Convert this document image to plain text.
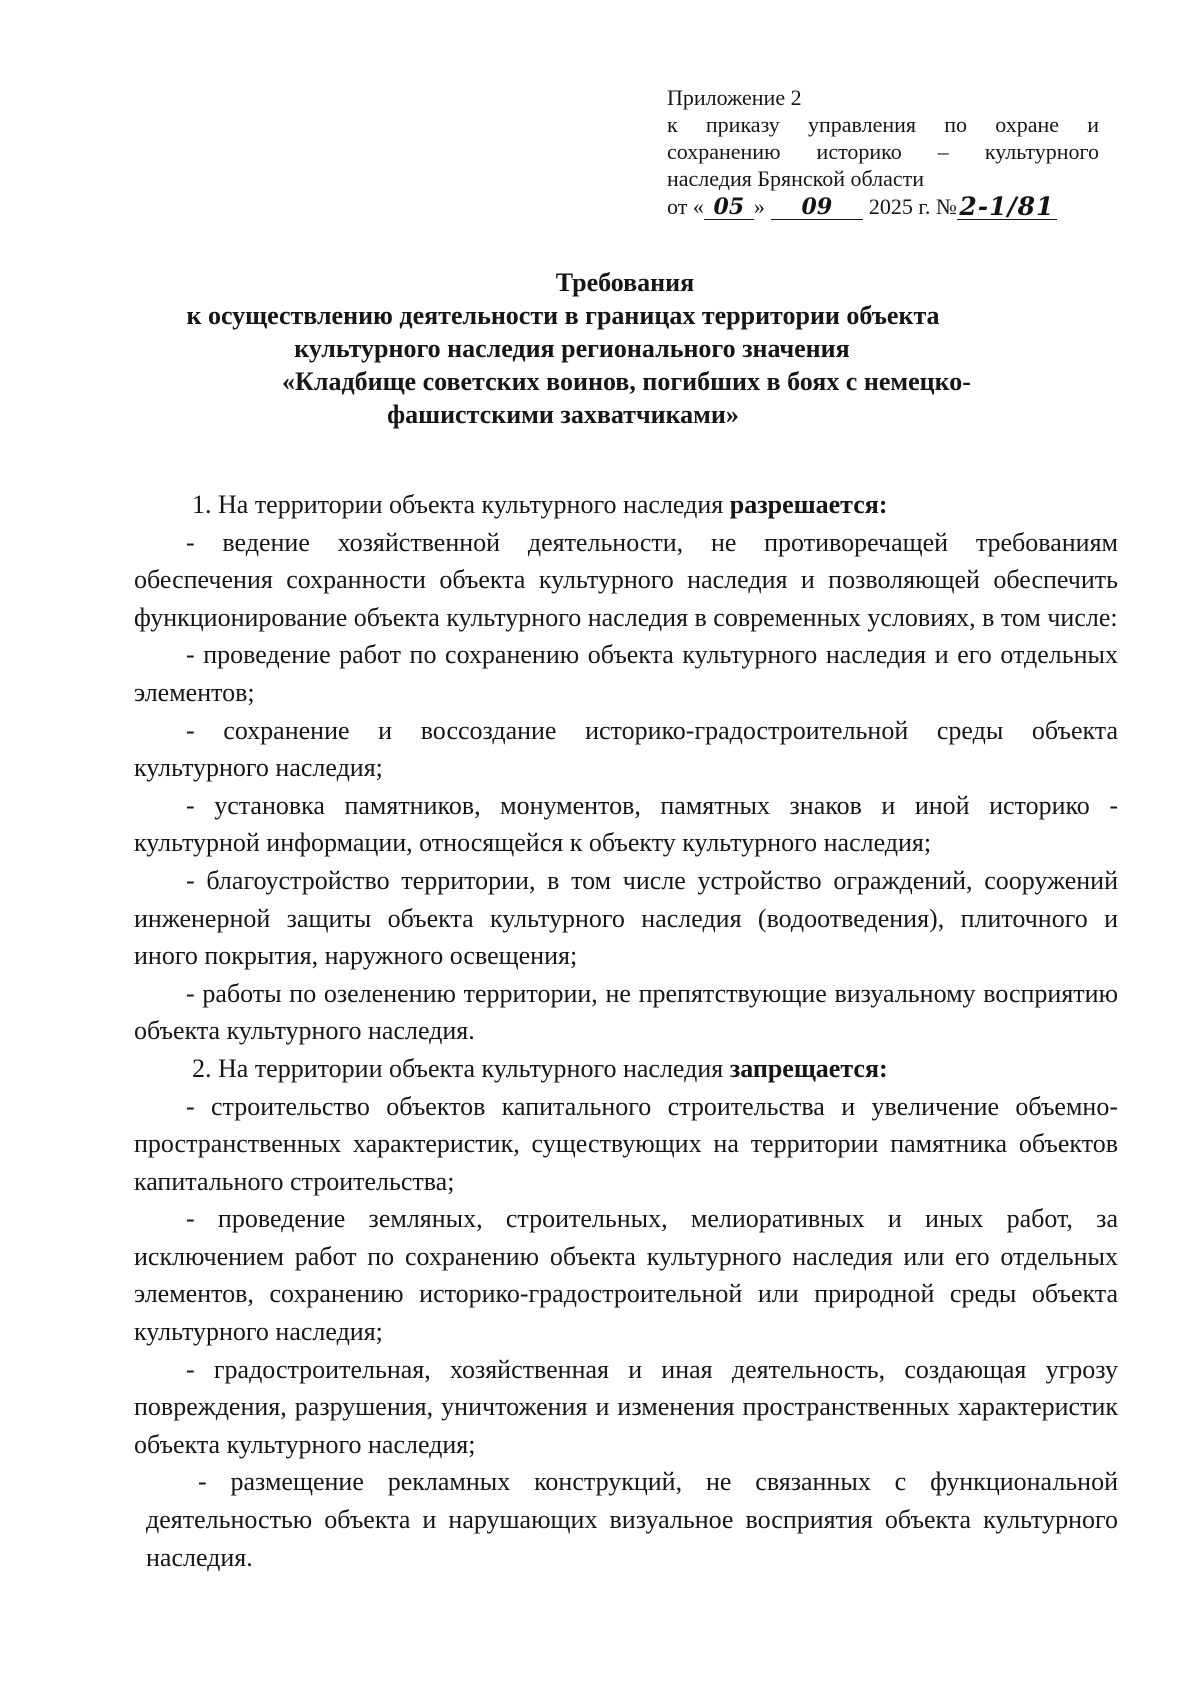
Приложение 2
к приказу управления по охране и
сохранению историко – культурного
наследия Брянской области
от « 05 »	09	2025 г. № 2-1/81
Требования
к осуществлению деятельности в границах территории объекта
культурного наследия регионального значения
«Кладбище советских воинов, погибших в боях с немецко-
фашистскими захватчиками»

1. На территории объекта культурного наследия разрешается:

- ведение хозяйственной деятельности, не противоречащей требованиям обеспечения сохранности объекта культурного наследия и позволяющей обеспечить функционирование объекта культурного наследия в современных условиях, в том числе:

- проведение работ по сохранению объекта культурного наследия и его отдельных элементов;

- сохранение и воссоздание историко-градостроительной среды объекта культурного наследия;

- установка памятников, монументов, памятных знаков и иной историко - культурной информации, относящейся к объекту культурного наследия;

- благоустройство территории, в том числе устройство ограждений, сооружений инженерной защиты объекта культурного наследия (водоотведения), плиточного и иного покрытия, наружного освещения;

- работы по озеленению территории, не препятствующие визуальному восприятию объекта культурного наследия.

2. На территории объекта культурного наследия запрещается:

- строительство объектов капитального строительства и увеличение объемно-пространственных характеристик, существующих на территории памятника объектов капитального строительства;

- проведение земляных, строительных, мелиоративных и иных работ, за исключением работ по сохранению объекта культурного наследия или его отдельных элементов, сохранению историко-градостроительной или природной среды объекта культурного наследия;

- градостроительная, хозяйственная и иная деятельность, создающая угрозу повреждения, разрушения, уничтожения и изменения пространственных характеристик объекта культурного наследия;

- размещение рекламных конструкций, не связанных с функциональной деятельностью объекта и нарушающих визуальное восприятия объекта культурного наследия.
